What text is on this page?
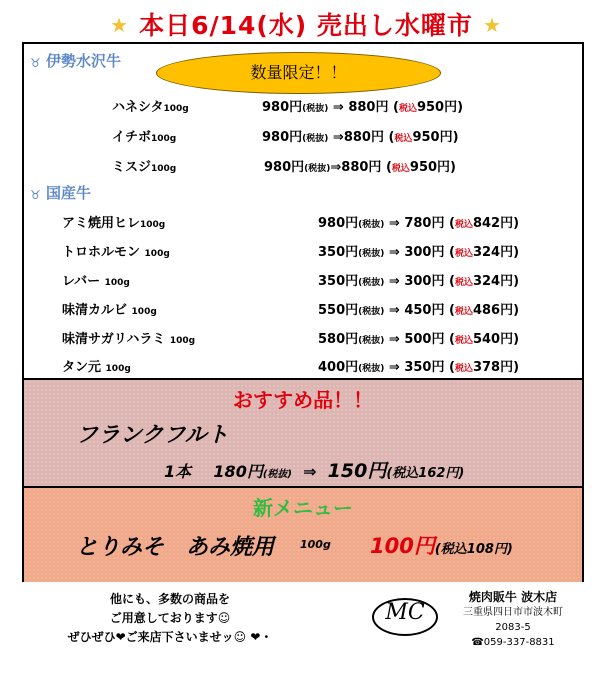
★ 本日6/14(水) 売出し水曜市 ★
♉ 伊勢水沢牛
数量限定！！
ハネシタ100g	980円(税抜) ⇒ 880円 (税込950円)
イチボ100g	980円(税抜) ⇒880円 (税込950円)
ミスジ100g	980円(税抜)⇒880円 (税込950円)
♉ 国産牛
アミ焼用ヒレ100g	980円(税抜) ⇒ 780円 (税込842円)
トロホルモン 100g	350円(税抜) ⇒ 300円 (税込324円)
レバー 100g	350円(税抜) ⇒ 300円 (税込324円)
味清カルビ 100g	550円(税抜) ⇒ 450円 (税込486円)
味清サガリハラミ 100g	580円(税抜) ⇒ 500円 (税込540円)
タン元 100g	400円(税抜) ⇒ 350円 (税込378円)
おすすめ品！！
フランクフルト
1本 180円(税抜) ⇒ 150円(税込162円)
新メニュー
とりみそ　あみ焼用 100g 100円(税込108円)
他にも、多数の商品を
ご用意しております☺
ぜひぜひ❤ご来店下さいませッ☺ ❤・
MC
焼肉販牛 波木店
三重県四日市市波木町
2083-5
☎059-337-8831
